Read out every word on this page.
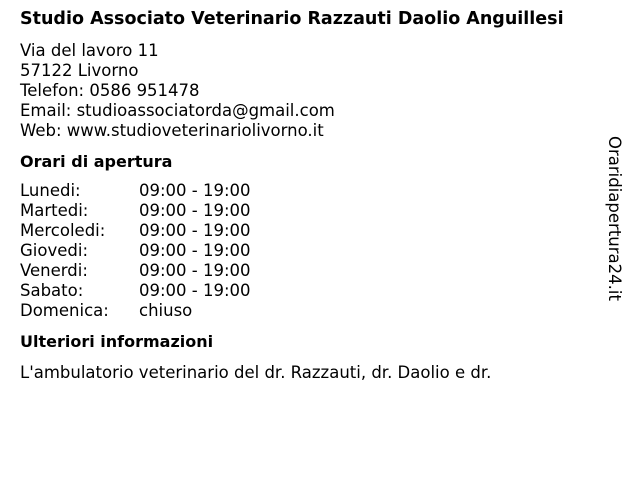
Studio Associato Veterinario Razzauti Daolio Anguillesi
Via del lavoro 11
57122 Livorno
Telefon: 0586 951478
Email: studioassociatorda@gmail.com
Web: www.studioveterinariolivorno.it
Orari di apertura
Lunedi:	09:00 - 19:00
Martedi:	09:00 - 19:00
Mercoledi:	09:00 - 19:00
Giovedi:	09:00 - 19:00
Venerdi:	09:00 - 19:00
Sabato:	09:00 - 19:00
Domenica:	chiuso
Ulteriori informazioni
L'ambulatorio veterinario del dr. Razzauti, dr. Daolio e dr.
Oraridiapertura24.it
